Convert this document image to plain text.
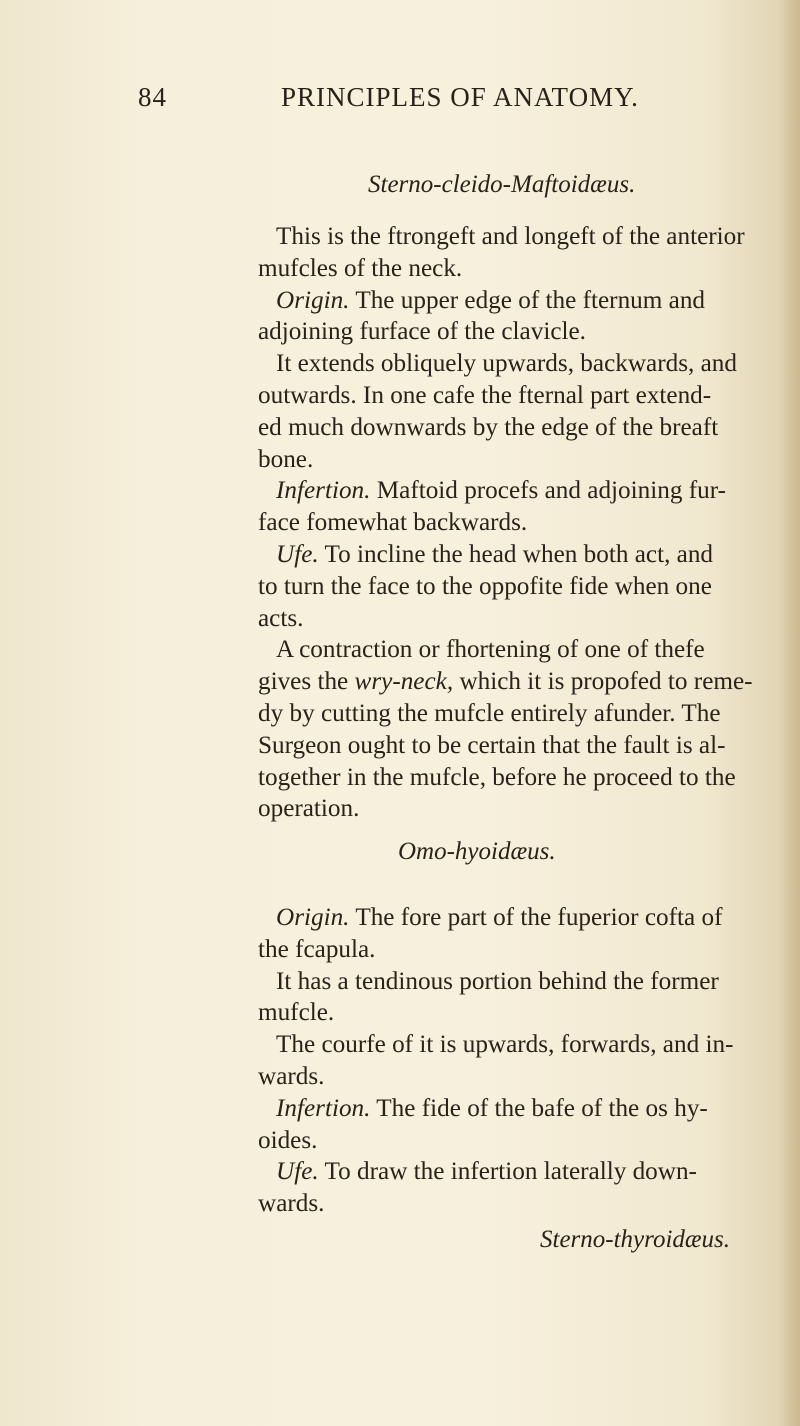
84	PRINCIPLES OF ANATOMY.
Sterno-cleido-Maftoidæus.
This is the ftrongeft and longeft of the anterior
mufcles of the neck.
Origin. The upper edge of the fternum and
adjoining furface of the clavicle.
It extends obliquely upwards, backwards, and
outwards. In one cafe the fternal part extend-
ed much downwards by the edge of the breaft
bone.
Infertion. Maftoid procefs and adjoining fur-
face fomewhat backwards.
Ufe. To incline the head when both act, and
to turn the face to the oppofite fide when one
acts.
A contraction or fhortening of one of thefe
gives the wry-neck, which it is propofed to reme-
dy by cutting the mufcle entirely afunder. The
Surgeon ought to be certain that the fault is al-
together in the mufcle, before he proceed to the
operation.
Omo-hyoidæus.
Origin. The fore part of the fuperior cofta of
the fcapula.
It has a tendinous portion behind the former
mufcle.
The courfe of it is upwards, forwards, and in-
wards.
Infertion. The fide of the bafe of the os hy-
oides.
Ufe. To draw the infertion laterally down-
wards.
Sterno-thyroidæus.
